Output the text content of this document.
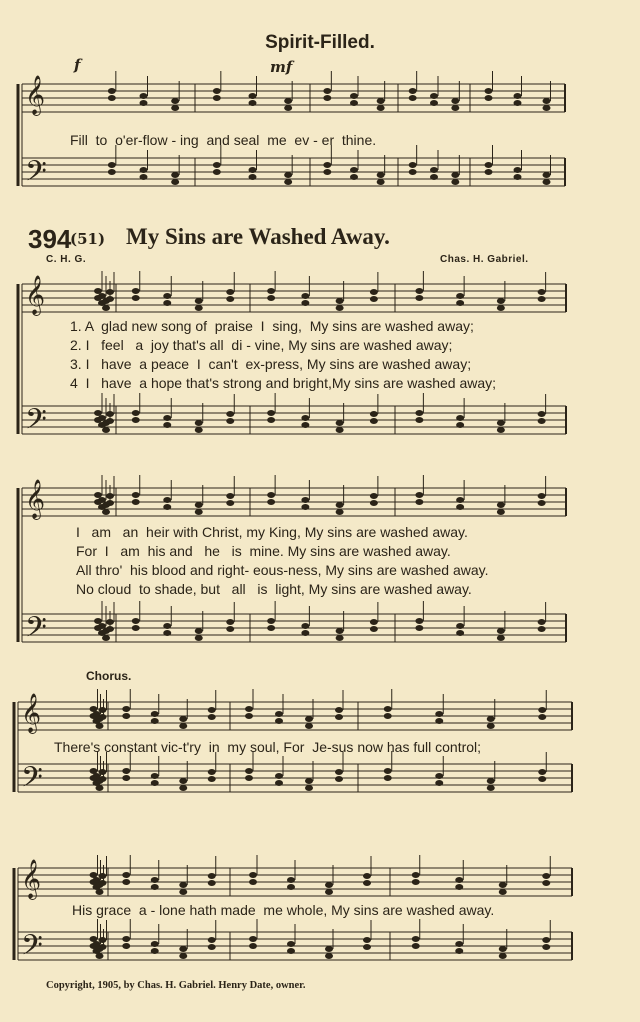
Spirit-Filled.
f	mf
𝄞
𝄢
𝄞
𝄢
𝄞
𝄢
𝄞
𝄢
𝄞
𝄢
Fill  to  o'er-flow - ing  and seal  me  ev - er  thine.
394
(51) My Sins are Washed Away.
C. H. G.	Chas. H. Gabriel.
1. A  glad new song of  praise  I  sing,  My sins are washed away;
2. I   feel   a  joy that's all  di - vine, My sins are washed away;
3. I   have  a peace  I  can't  ex-press, My sins are washed away;
4  I   have  a hope that's strong and bright,My sins are washed away;
I   am   an  heir with Christ, my King, My sins are washed away.
For  I   am  his and   he   is  mine. My sins are washed away.
All thro'  his blood and right- eous-ness, My sins are washed away.
No cloud  to shade, but   all   is  light, My sins are washed away.
Chorus.
There's constant vic-t'ry  in  my soul, For  Je-sus now has full control;
His grace  a - lone hath made  me whole, My sins are washed away.
Copyright, 1905, by Chas. H. Gabriel. Henry Date, owner.
